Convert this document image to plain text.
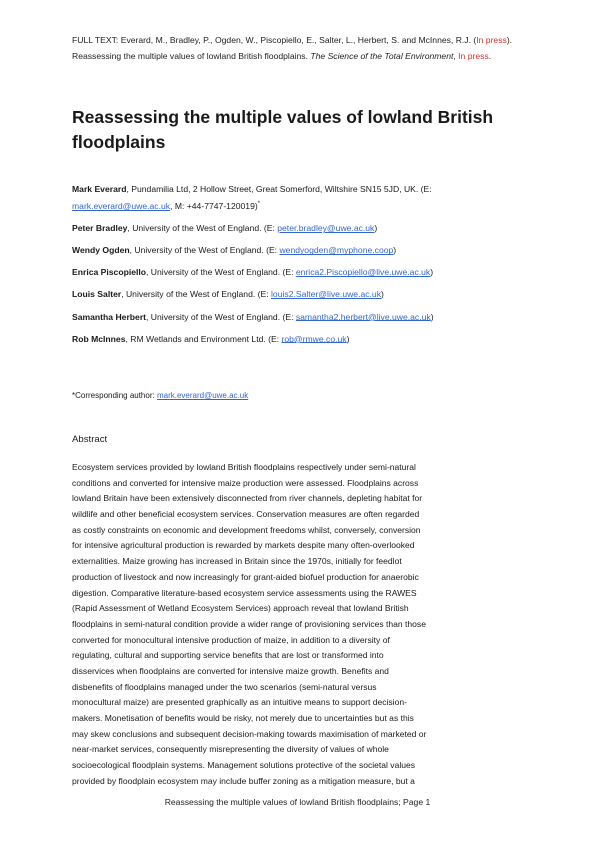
FULL TEXT: Everard, M., Bradley, P., Ogden, W., Piscopiello, E., Salter, L., Herbert, S. and McInnes, R.J. (In press). Reassessing the multiple values of lowland British floodplains. The Science of the Total Environment, In press.
Reassessing the multiple values of lowland British floodplains
Mark Everard, Pundamilia Ltd, 2 Hollow Street, Great Somerford, Wiltshire SN15 5JD, UK. (E: mark.everard@uwe.ac.uk, M: +44-7747-120019)*
Peter Bradley, University of the West of England. (E: peter.bradley@uwe.ac.uk)
Wendy Ogden, University of the West of England. (E: wendyogden@myphone.coop)
Enrica Piscopiello, University of the West of England. (E: enrica2.Piscopiello@live.uwe.ac.uk)
Louis Salter, University of the West of England. (E: louis2.Salter@live.uwe.ac.uk)
Samantha Herbert, University of the West of England. (E: samantha2.herbert@live.uwe.ac.uk)
Rob McInnes, RM Wetlands and Environment Ltd. (E: rob@rmwe.co.uk)
*Corresponding author: mark.everard@uwe.ac.uk
Abstract
Ecosystem services provided by lowland British floodplains respectively under semi-natural
conditions and converted for intensive maize production were assessed. Floodplains across
lowland Britain have been extensively disconnected from river channels, depleting habitat for
wildlife and other beneficial ecosystem services. Conservation measures are often regarded
as costly constraints on economic and development freedoms whilst, conversely, conversion
for intensive agricultural production is rewarded by markets despite many often-overlooked
externalities. Maize growing has increased in Britain since the 1970s, initially for feedlot
production of livestock and now increasingly for grant-aided biofuel production for anaerobic
digestion. Comparative literature-based ecosystem service assessments using the RAWES
(Rapid Assessment of Wetland Ecosystem Services) approach reveal that lowland British
floodplains in semi-natural condition provide a wider range of provisioning services than those
converted for monocultural intensive production of maize, in addition to a diversity of
regulating, cultural and supporting service benefits that are lost or transformed into
disservices when floodplains are converted for intensive maize growth. Benefits and
disbenefits of floodplains managed under the two scenarios (semi-natural versus
monocultural maize) are presented graphically as an intuitive means to support decision-
makers. Monetisation of benefits would be risky, not merely due to uncertainties but as this
may skew conclusions and subsequent decision-making towards maximisation of marketed or
near-market services, consequently misrepresenting the diversity of values of whole
socioecological floodplain systems. Management solutions protective of the societal values
provided by floodplain ecosystem may include buffer zoning as a mitigation measure, but a
Reassessing the multiple values of lowland British floodplains; Page 1
